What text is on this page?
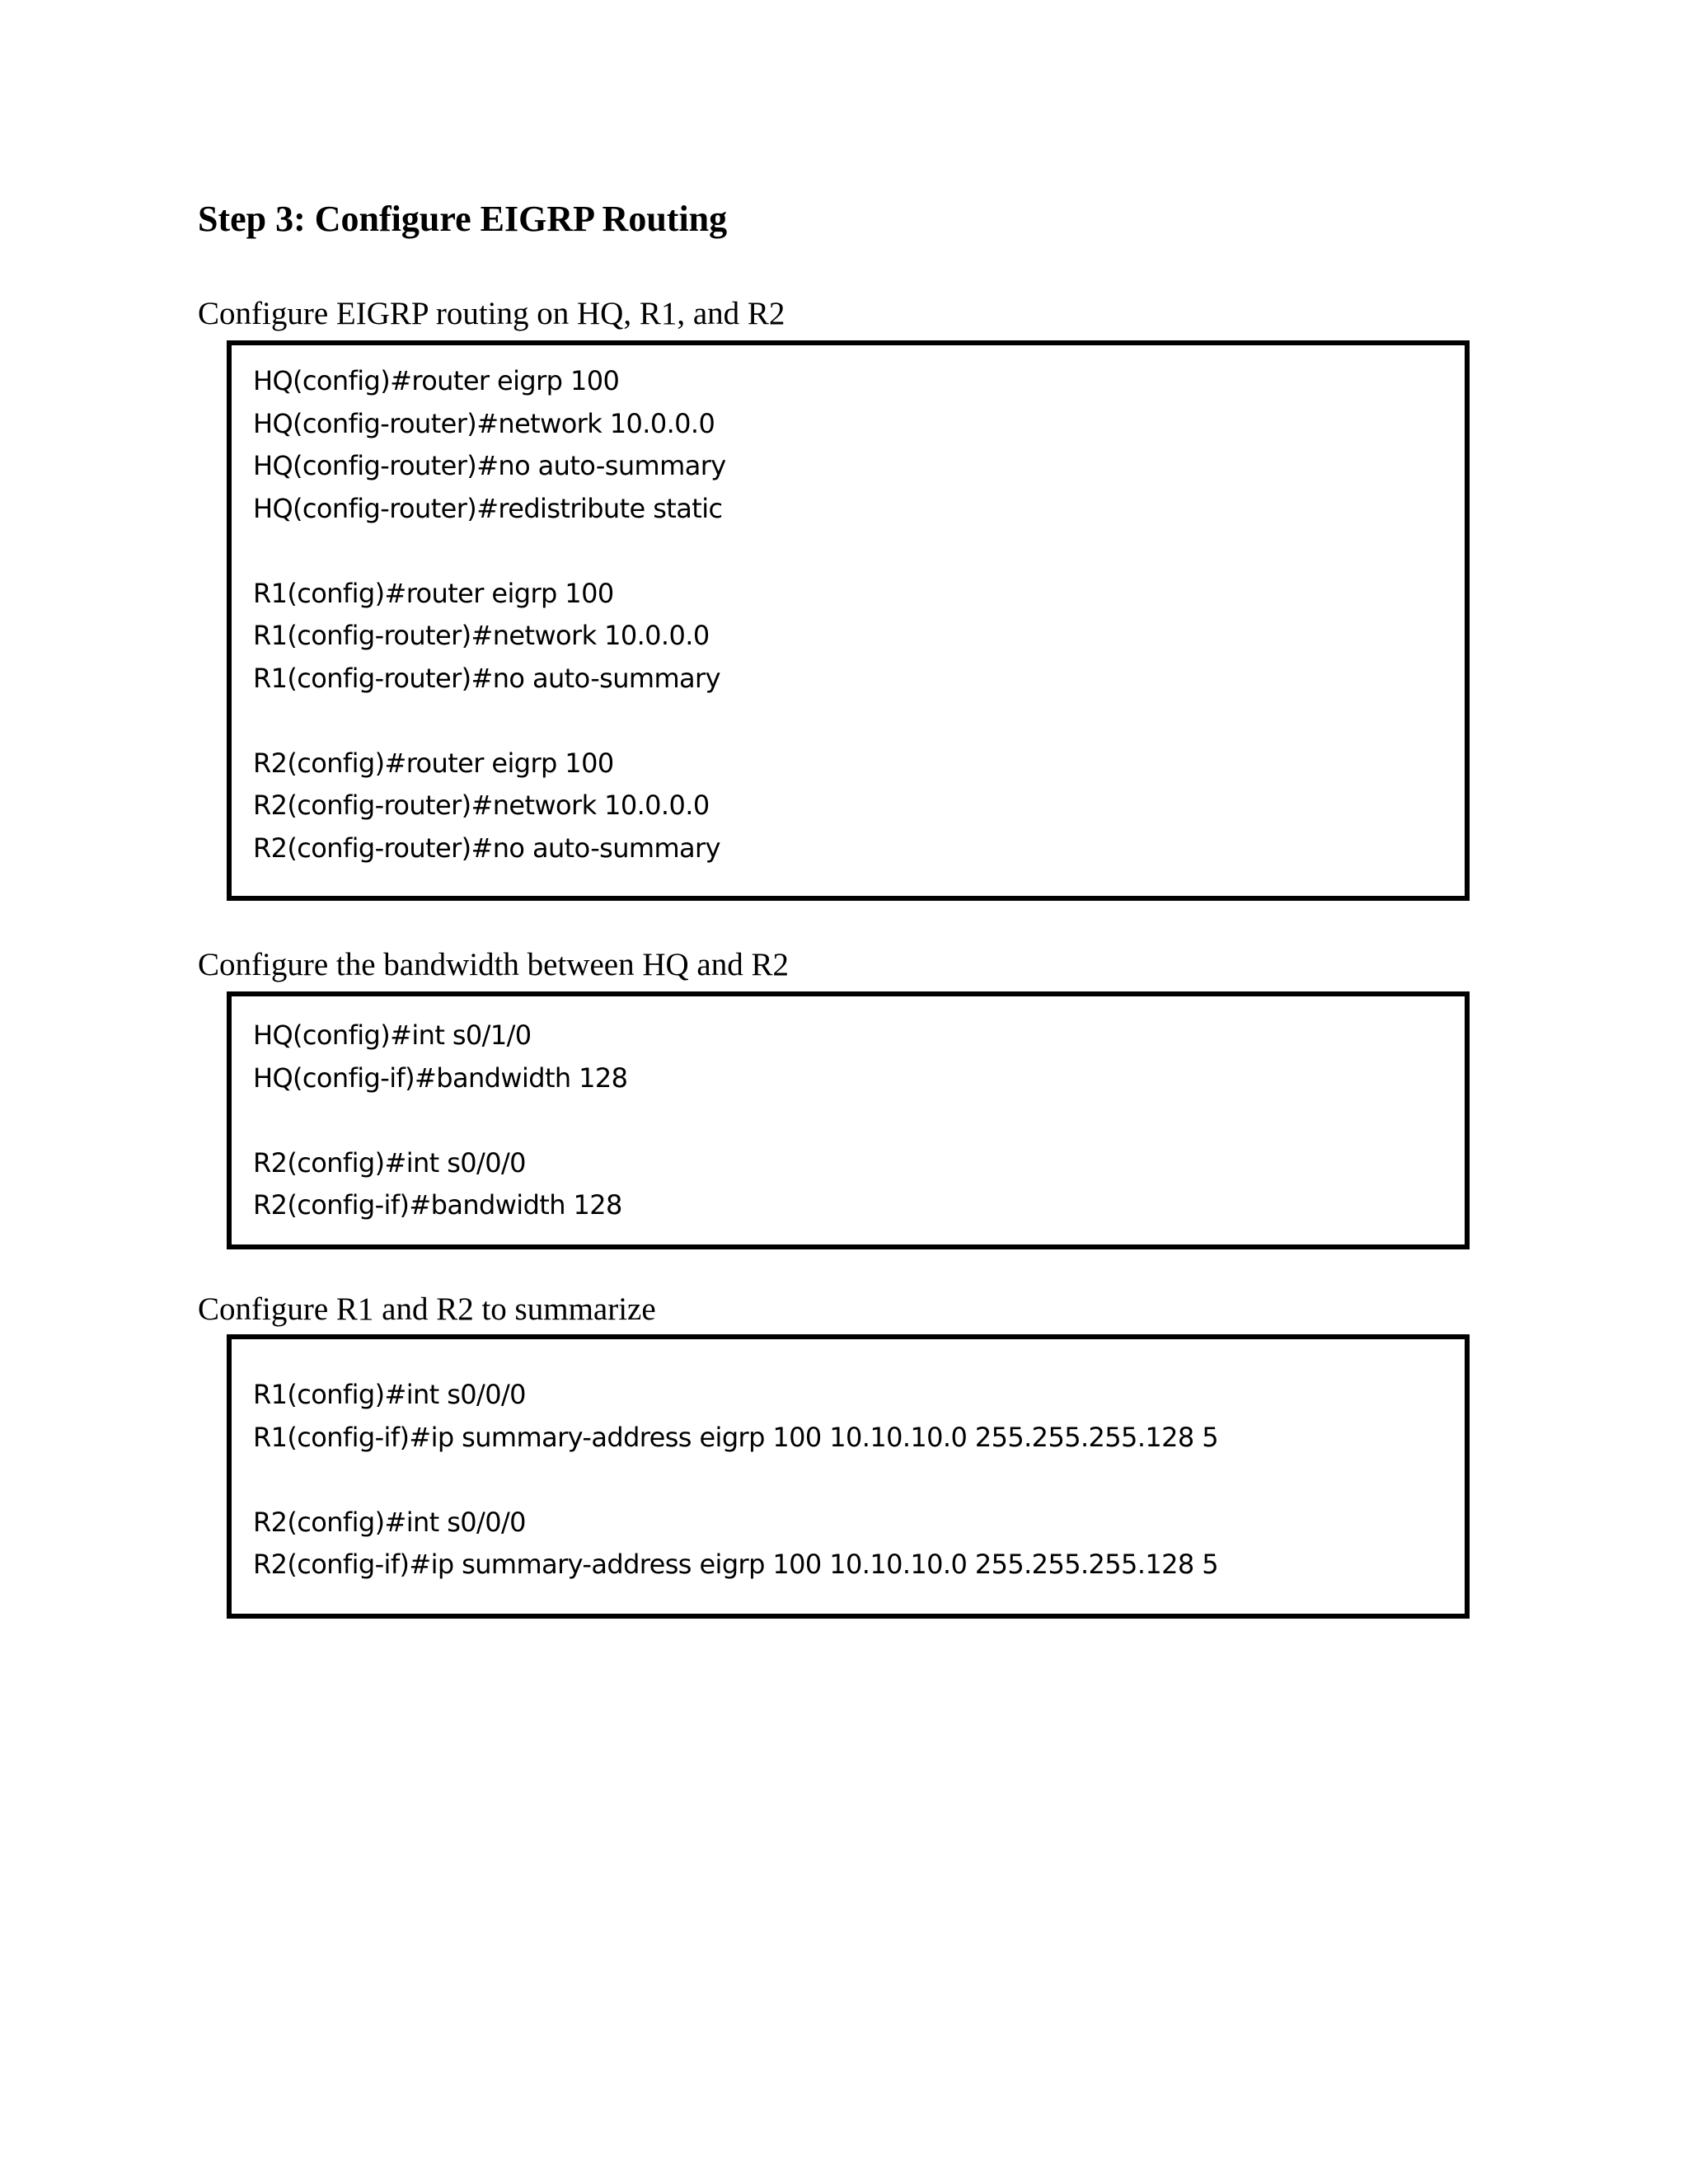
Step 3: Configure EIGRP Routing
Configure EIGRP routing on HQ, R1, and R2
HQ(config)#router eigrp 100
HQ(config-router)#network 10.0.0.0
HQ(config-router)#no auto-summary
HQ(config-router)#redistribute static
R1(config)#router eigrp 100
R1(config-router)#network 10.0.0.0
R1(config-router)#no auto-summary
R2(config)#router eigrp 100
R2(config-router)#network 10.0.0.0
R2(config-router)#no auto-summary
Configure the bandwidth between HQ and R2
HQ(config)#int s0/1/0
HQ(config-if)#bandwidth 128
R2(config)#int s0/0/0
R2(config-if)#bandwidth 128
Configure R1 and R2 to summarize
R1(config)#int s0/0/0
R1(config-if)#ip summary-address eigrp 100 10.10.10.0 255.255.255.128 5
R2(config)#int s0/0/0
R2(config-if)#ip summary-address eigrp 100 10.10.10.0 255.255.255.128 5
